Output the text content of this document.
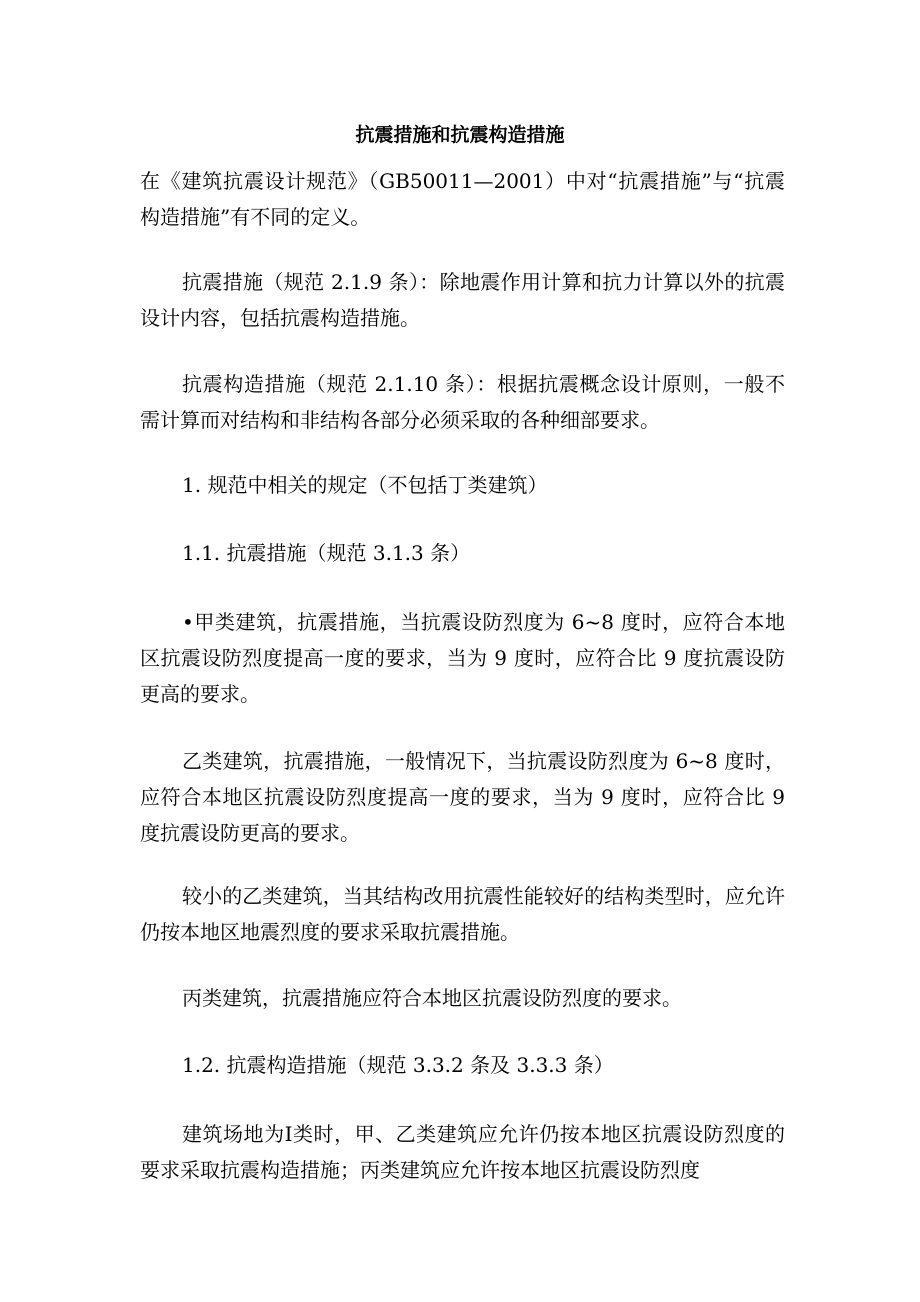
抗震措施和抗震构造措施

在《建筑抗震设计规范》（GB50011—2001）中对“抗震措施”与“抗震构造措施”有不同的定义。

抗震措施（规范 2.1.9 条）：除地震作用计算和抗力计算以外的抗震设计内容，包括抗震构造措施。

抗震构造措施（规范 2.1.10 条）：根据抗震概念设计原则，一般不需计算而对结构和非结构各部分必须采取的各种细部要求。

1. 规范中相关的规定（不包括丁类建筑）

1.1. 抗震措施（规范 3.1.3 条）

•甲类建筑，抗震措施，当抗震设防烈度为 6~8 度时，应符合本地区抗震设防烈度提高一度的要求，当为 9 度时，应符合比 9 度抗震设防更高的要求。

乙类建筑，抗震措施，一般情况下，当抗震设防烈度为 6~8 度时，应符合本地区抗震设防烈度提高一度的要求，当为 9 度时，应符合比 9 度抗震设防更高的要求。

较小的乙类建筑，当其结构改用抗震性能较好的结构类型时，应允许仍按本地区地震烈度的要求采取抗震措施。

丙类建筑，抗震措施应符合本地区抗震设防烈度的要求。

1.2. 抗震构造措施（规范 3.3.2 条及 3.3.3 条）

建筑场地为Ⅰ类时，甲、乙类建筑应允许仍按本地区抗震设防烈度的要求采取抗震构造措施；丙类建筑应允许按本地区抗震设防烈度
